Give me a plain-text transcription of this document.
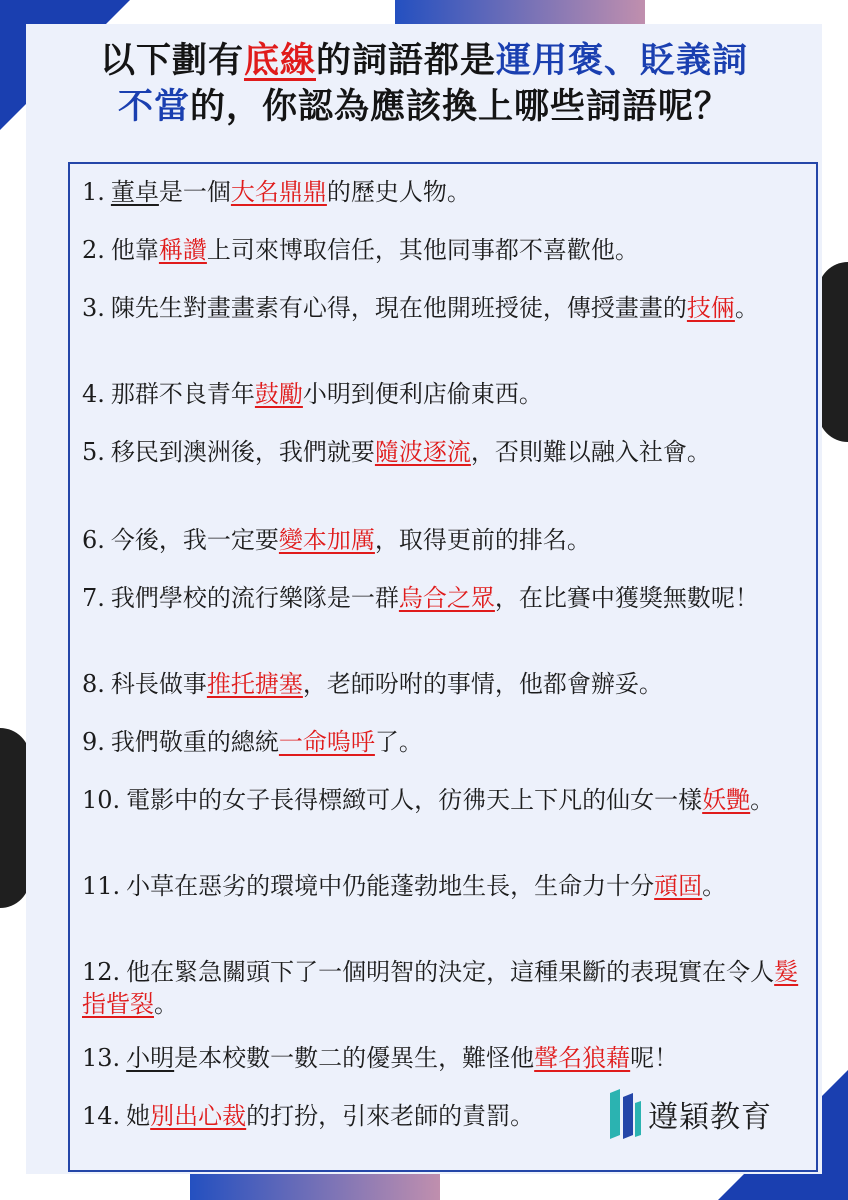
以下劃有底線的詞語都是運用褒、貶義詞
不當的，你認為應該換上哪些詞語呢？
1. 董卓是一個大名鼎鼎的歷史人物。
2. 他靠稱讚上司來博取信任，其他同事都不喜歡他。
3. 陳先生對畫畫素有心得，現在他開班授徒，傳授畫畫的技倆。
4. 那群不良青年鼓勵小明到便利店偷東西。
5. 移民到澳洲後，我們就要隨波逐流，否則難以融入社會。
6. 今後，我一定要變本加厲，取得更前的排名。
7. 我們學校的流行樂隊是一群烏合之眾，在比賽中獲獎無數呢！
8. 科長做事推托搪塞，老師吩咐的事情，他都會辦妥。
9. 我們敬重的總統一命嗚呼了。
10. 電影中的女子長得標緻可人，彷彿天上下凡的仙女一樣妖艷。
11. 小草在惡劣的環境中仍能蓬勃地生長，生命力十分頑固。
12. 他在緊急關頭下了一個明智的決定，這種果斷的表現實在令人髮指眥裂。
13. 小明是本校數一數二的優異生，難怪他聲名狼藉呢！
14. 她別出心裁的打扮，引來老師的責罰。	遵穎教育
